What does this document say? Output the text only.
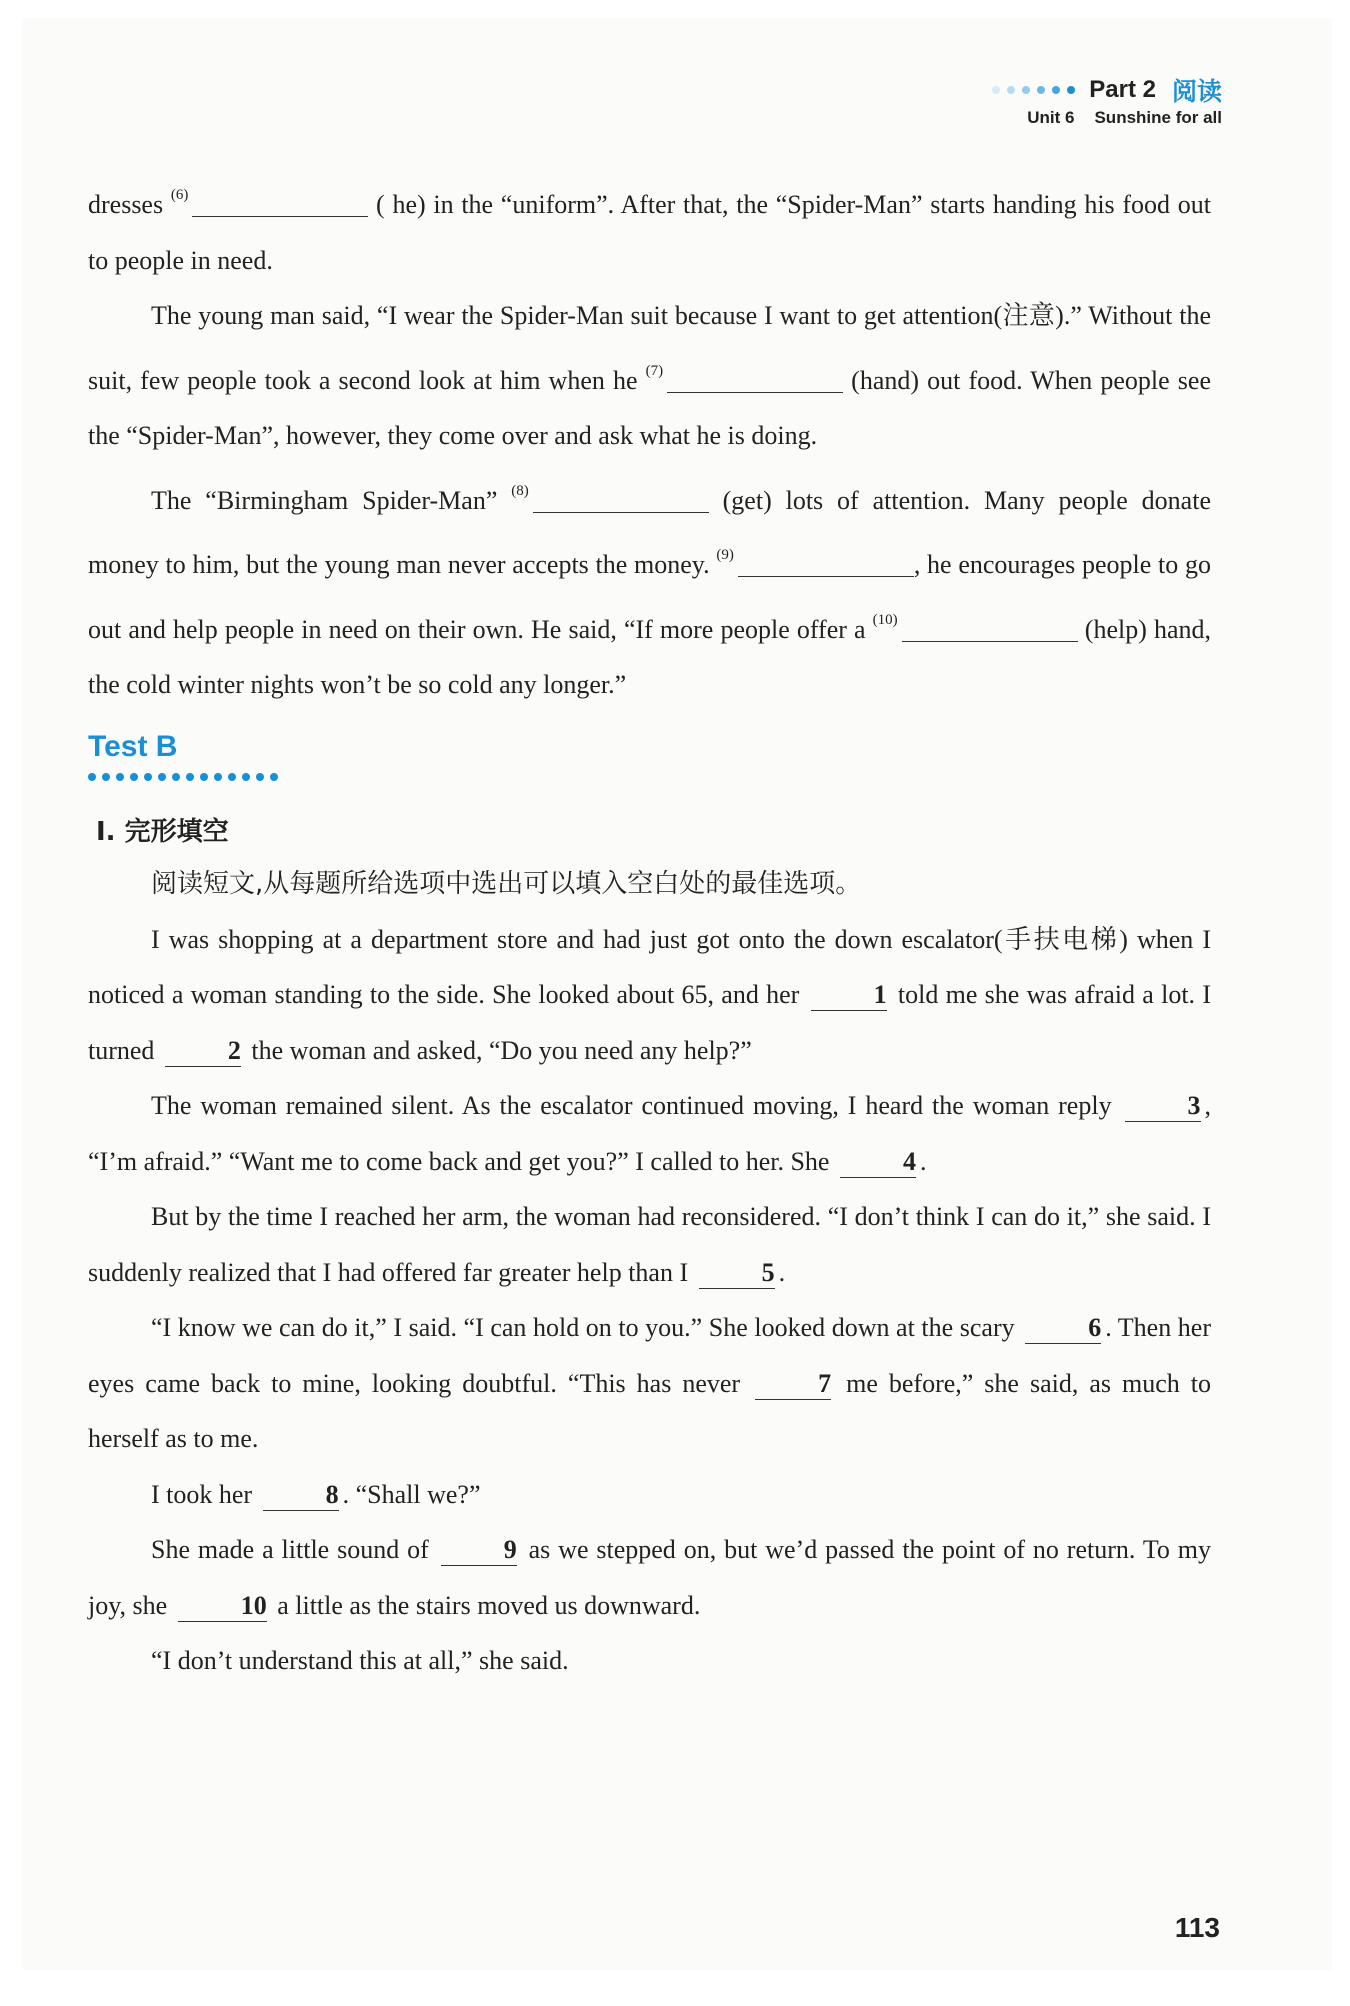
Part 2 阅读
Unit 6 Sunshine for all

dresses $^{(6)}$	( he) in the “uniform”. After that, the “Spider-Man” starts handing his food out to people in need.

The young man said, “I wear the Spider-Man suit because I want to get attention(注意).” Without the suit, few people took a second look at him when he $^{(7)}$	(hand) out food. When people see the “Spider-Man”, however, they come over and ask what he is doing.

The “Birmingham Spider-Man” $^{(8)}$	(get) lots of attention. Many people donate money to him, but the young man never accepts the money. $^{(9)}$	, he encourages people to go out and help people in need on their own. He said, “If more people offer a $^{(10)}$	(help) hand, the cold winter nights won’t be so cold any longer.”

Test B
Ⅰ. 完形填空

阅读短文,从每题所给选项中选出可以填入空白处的最佳选项。

I was shopping at a department store and had just got onto the down escalator(手扶电梯) when I noticed a woman standing to the side. She looked about 65, and her	1 told me she was afraid a lot. I turned	2 the woman and asked, “Do you need any help?”

The woman remained silent. As the escalator continued moving, I heard the woman reply	3 , “I’m afraid.” “Want me to come back and get you?” I called to her. She	4 .

But by the time I reached her arm, the woman had reconsidered. “I don’t think I can do it,” she said. I suddenly realized that I had offered far greater help than I	5 .

“I know we can do it,” I said. “I can hold on to you.” She looked down at the scary	6 . Then her eyes came back to mine, looking doubtful. “This has never	7 me before,” she said, as much to herself as to me.

I took her	8 . “Shall we?”

She made a little sound of	9 as we stepped on, but we’d passed the point of no return. To my joy, she	10 a little as the stairs moved us downward.

“I don’t understand this at all,” she said.

113
